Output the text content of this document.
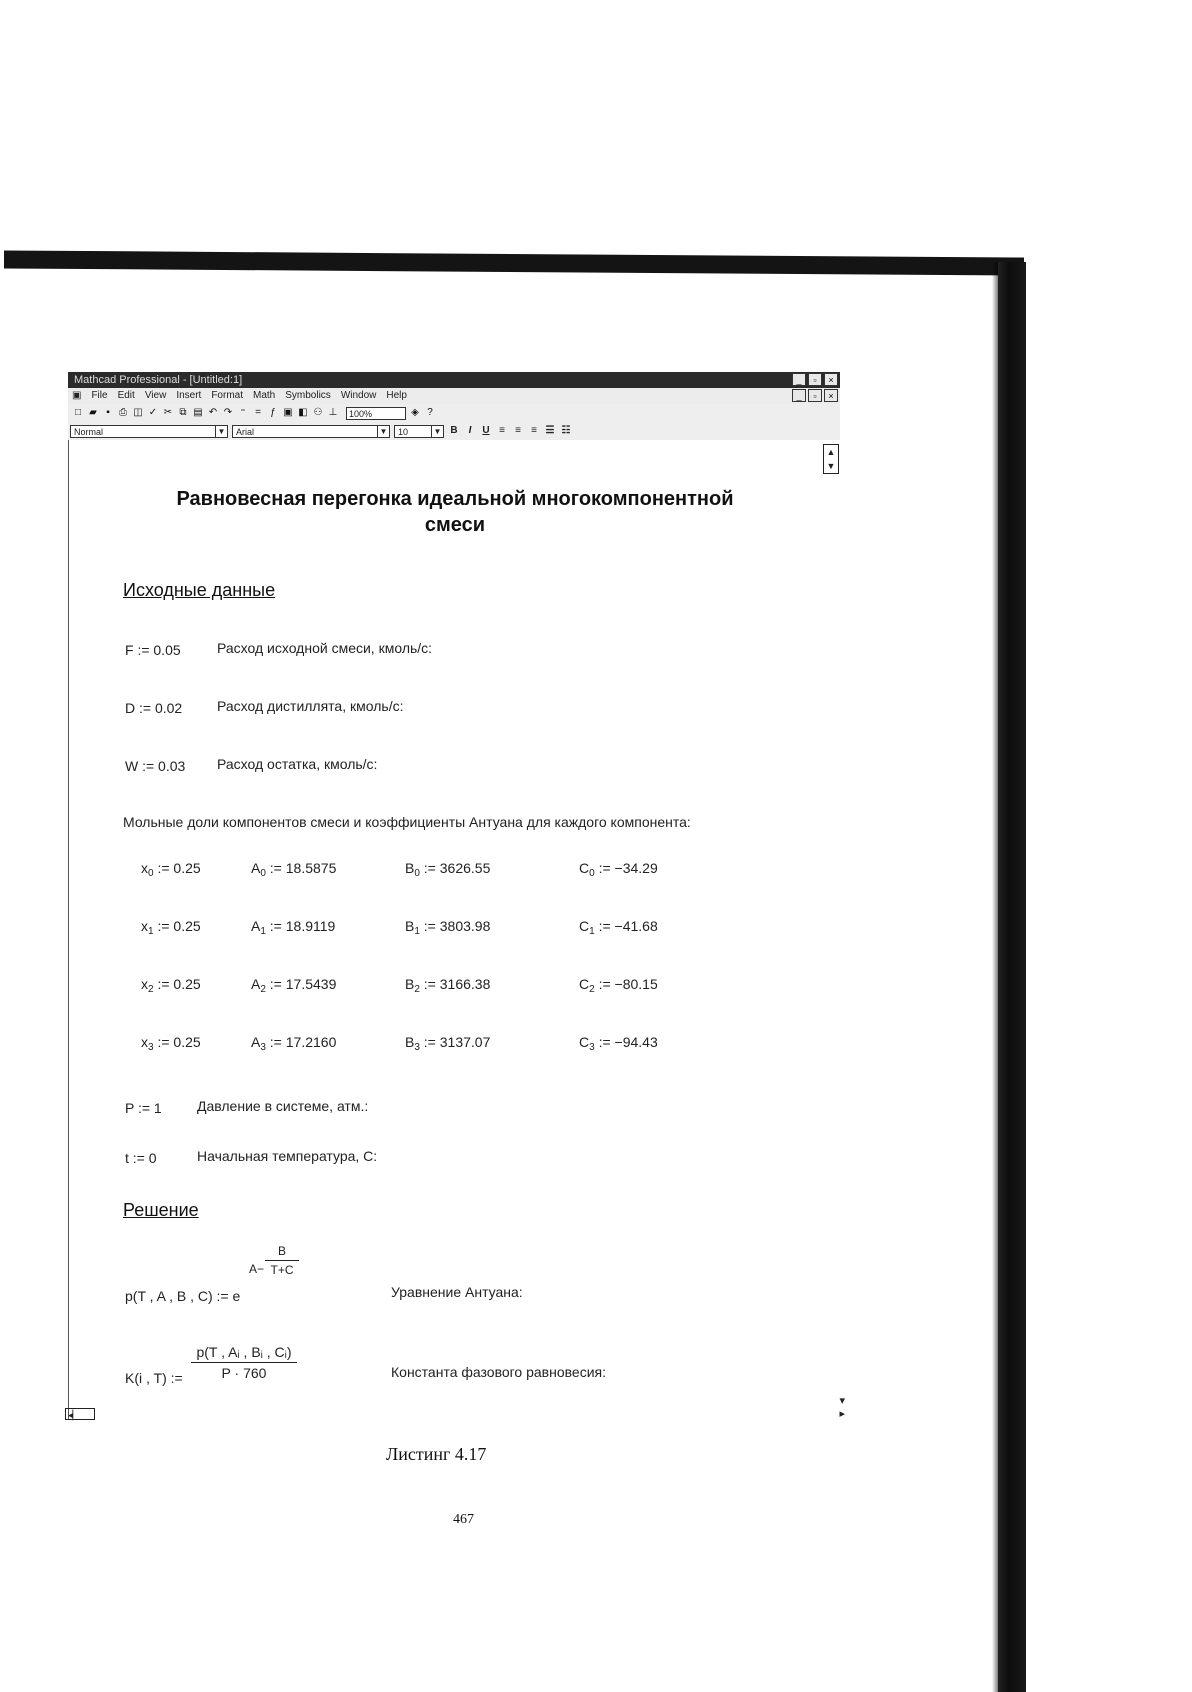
Mathcad Professional - [Untitled:1]	_	▫	×
▣ File Edit View Insert Format Math Symbolics Window Help	_	▫	×
□ ▰ ▪ ⎙ ◫ ✓ ✂ ⧉ ▤ ↶ ↷ ⁼ = ƒ ▣ ◧ ⚇ ⊥	100%	◈ ?
Normal	▼	Arial	▼	10	▼ B	I	U ≡	≡	≡ ☰ ☷
▲
▼
Равновесная перегонка идеальной многокомпонентной
смеси
Исходные данные
F := 0.05	Расход исходной смеси, кмоль/с:
D := 0.02 Расход дистиллята, кмоль/с:
W := 0.03 Расход остатка, кмоль/с:
Мольные доли компонентов смеси и коэффициенты Антуана для каждого компонента:
$x_0$ := 0.25	$A_0$ := 18.5875	$B_0$ := 3626.55	$C_0$ := −34.29
$x_1$ := 0.25	$A_1$ := 18.9119	$B_1$ := 3803.98	$C_1$ := −41.68
$x_2$ := 0.25	$A_2$ := 17.5439	$B_2$ := 3166.38	$C_2$ := −80.15
$x_3$ := 0.25	$A_3$ := 17.2160	$B_3$ := 3137.07	$C_3$ := −94.43
P := 1	Давление в системе, атм.:
t := 0	Начальная температура, С:
Решение
p(T , A , B , C) := e
$A- \frac{B}{T+C}$
Уравнение Антуана:
K(i , T) := $\frac{\text{p(T , Aᵢ , Bᵢ , Cᵢ)}}{P \cdot 760}$	Константа фазового равновесия:
◂▏
▾
▸
Листинг 4.17
467
